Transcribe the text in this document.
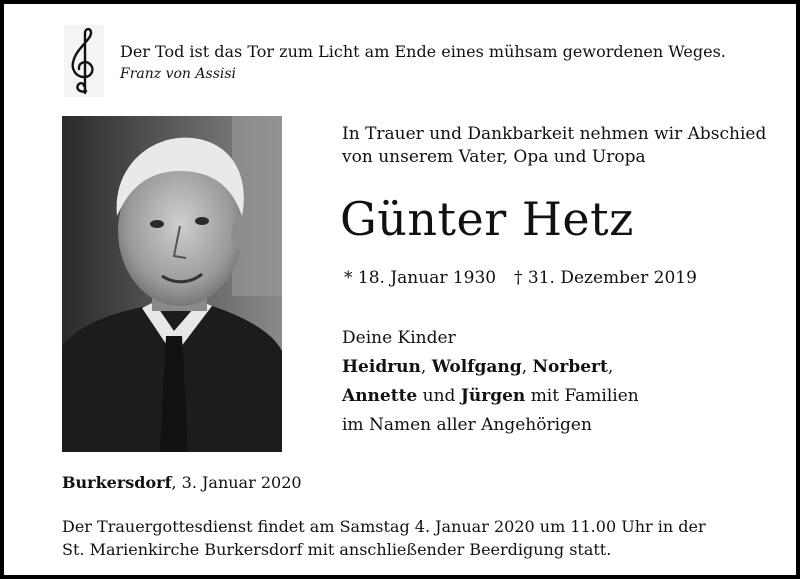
Der Tod ist das Tor zum Licht am Ende eines mühsam gewordenen Weges.
Franz von Assisi
In Trauer und Dankbarkeit nehmen wir Abschied
von unserem Vater, Opa und Uropa
Günter Hetz
* 18. Januar 1930 † 31. Dezember 2019
Deine Kinder
Heidrun, Wolfgang, Norbert,
Annette und Jürgen mit Familien
im Namen aller Angehörigen
Burkersdorf, 3. Januar 2020
Der Trauergottesdienst findet am Samstag 4. Januar 2020 um 11.00 Uhr in der
St. Marienkirche Burkersdorf mit anschließender Beerdigung statt.
